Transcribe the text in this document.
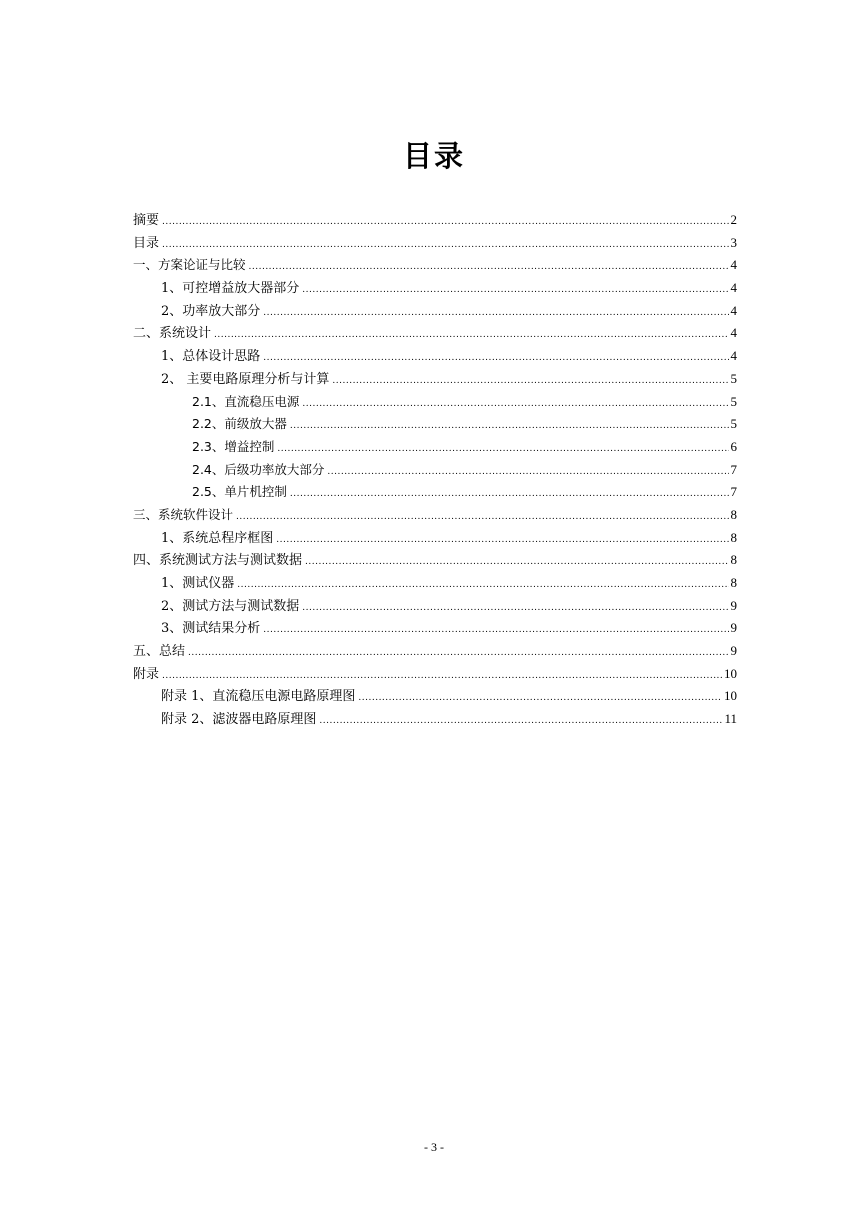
目录
摘要 .....	2
目录 .....	3
一、方案论证与比较 .....	4
1、可控增益放大器部分 .....	4
2、功率放大部分 .....	4
二、系统设计 .....	4
1、总体设计思路 .....	4
2、 主要电路原理分析与计算 .....	5
2.1、直流稳压电源 .....	5
2.2、前级放大器 .....	5
2.3、增益控制 .....	6
2.4、后级功率放大部分 .....	7
2.5、单片机控制 .....	7
三、系统软件设计 .....	8
1、系统总程序框图 .....	8
四、系统测试方法与测试数据 .....	8
1、测试仪器 .....	8
2、测试方法与测试数据 .....	9
3、测试结果分析 .....	9
五、总结 .....	9
附录 .....	10
附录 1、直流稳压电源电路原理图 .....	10
附录 2、滤波器电路原理图 .....	11
- 3 -
